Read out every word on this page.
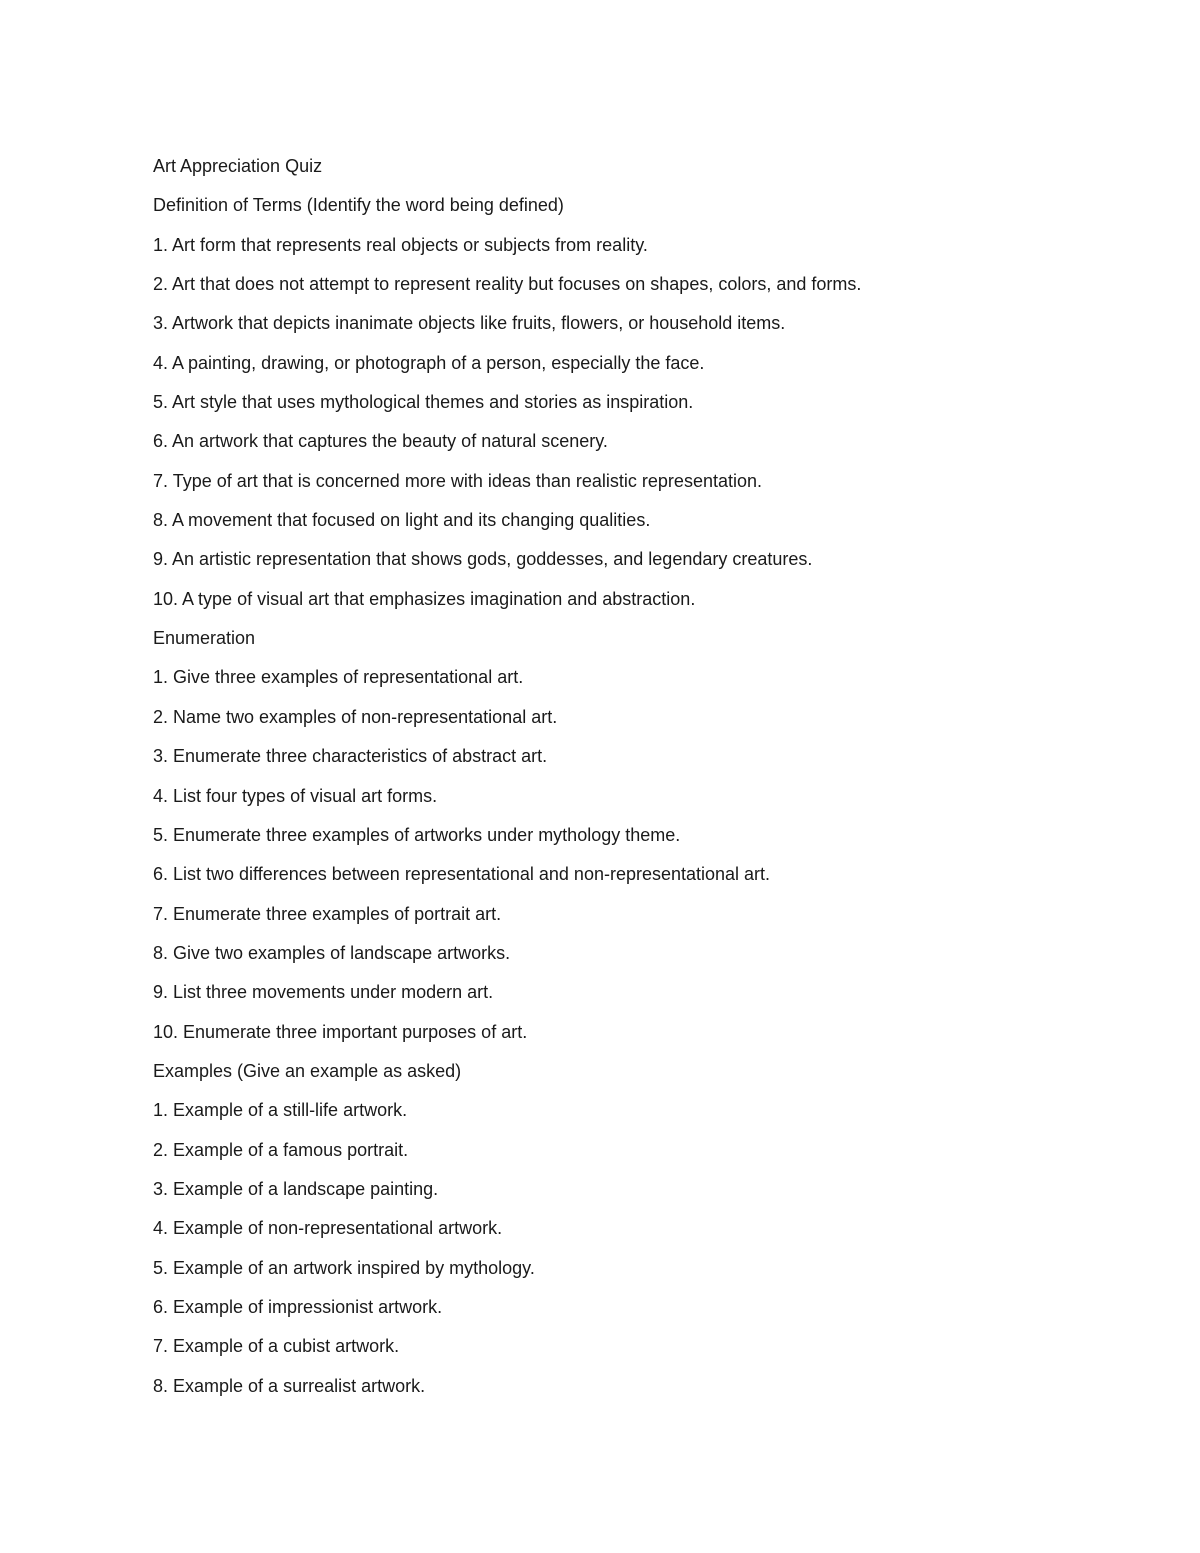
Art Appreciation Quiz
Definition of Terms (Identify the word being defined)
1. Art form that represents real objects or subjects from reality.
2. Art that does not attempt to represent reality but focuses on shapes, colors, and forms.
3. Artwork that depicts inanimate objects like fruits, flowers, or household items.
4. A painting, drawing, or photograph of a person, especially the face.
5. Art style that uses mythological themes and stories as inspiration.
6. An artwork that captures the beauty of natural scenery.
7. Type of art that is concerned more with ideas than realistic representation.
8. A movement that focused on light and its changing qualities.
9. An artistic representation that shows gods, goddesses, and legendary creatures.
10. A type of visual art that emphasizes imagination and abstraction.
Enumeration
1. Give three examples of representational art.
2. Name two examples of non-representational art.
3. Enumerate three characteristics of abstract art.
4. List four types of visual art forms.
5. Enumerate three examples of artworks under mythology theme.
6. List two differences between representational and non-representational art.
7. Enumerate three examples of portrait art.
8. Give two examples of landscape artworks.
9. List three movements under modern art.
10. Enumerate three important purposes of art.
Examples (Give an example as asked)
1. Example of a still-life artwork.
2. Example of a famous portrait.
3. Example of a landscape painting.
4. Example of non-representational artwork.
5. Example of an artwork inspired by mythology.
6. Example of impressionist artwork.
7. Example of a cubist artwork.
8. Example of a surrealist artwork.
